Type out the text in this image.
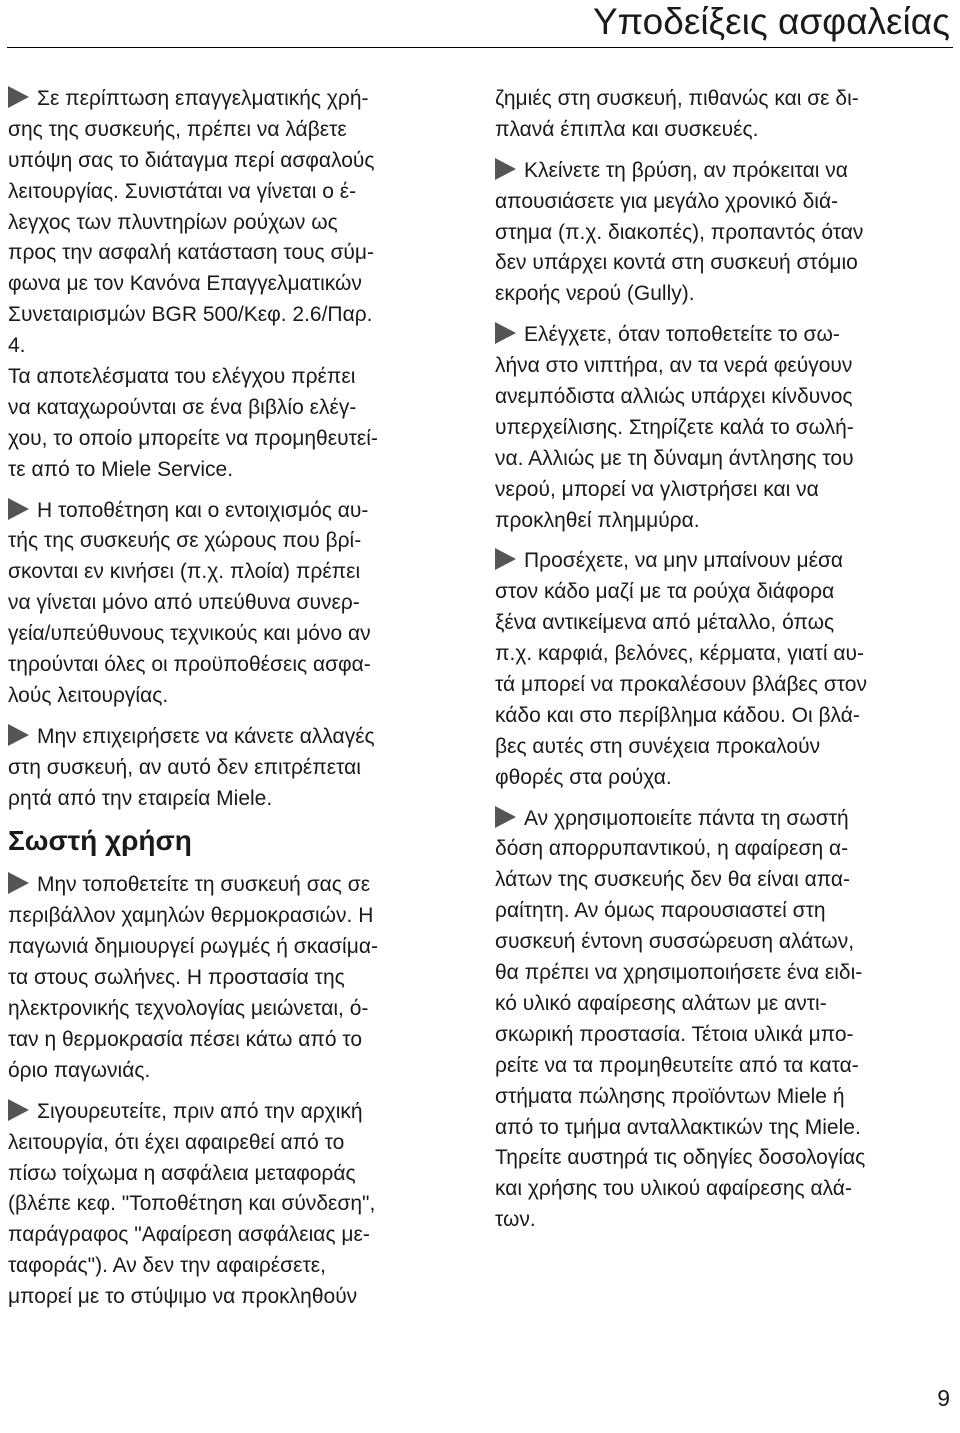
Υποδείξεις ασφαλείας
Σε περίπτωση επαγγελματικής χρή-
σης της συσκευής, πρέπει να λάβετε
υπόψη σας το διάταγμα περί ασφαλούς
λειτουργίας. Συνιστάται να γίνεται ο έ-
λεγχος των πλυντηρίων ρούχων ως
προς την ασφαλή κατάσταση τους σύμ-
φωνα με τον Κανόνα Επαγγελματικών
Συνεταιρισμών BGR 500/Κεφ. 2.6/Παρ.
4.
Τα αποτελέσματα του ελέγχου πρέπει
να καταχωρούνται σε ένα βιβλίο ελέγ-
χου, το οποίο μπορείτε να προμηθευτεί-
τε από το Miele Service.
Η τοποθέτηση και ο εντοιχισμός αυ-
τής της συσκευής σε χώρους που βρί-
σκονται εν κινήσει (π.χ. πλοία) πρέπει
να γίνεται μόνο από υπεύθυνα συνερ-
γεία/υπεύθυνους τεχνικούς και μόνο αν
τηρούνται όλες οι προϋποθέσεις ασφα-
λούς λειτουργίας.
Μην επιχειρήσετε να κάνετε αλλαγές
στη συσκευή, αν αυτό δεν επιτρέπεται
ρητά από την εταιρεία Miele.
Σωστή χρήση
Μην τοποθετείτε τη συσκευή σας σε
περιβάλλον χαμηλών θερμοκρασιών. Η
παγωνιά δημιουργεί ρωγμές ή σκασίμα-
τα στους σωλήνες. Η προστασία της
ηλεκτρονικής τεχνολογίας μειώνεται, ό-
ταν η θερμοκρασία πέσει κάτω από το
όριο παγωνιάς.
Σιγουρευτείτε, πριν από την αρχική
λειτουργία, ότι έχει αφαιρεθεί από το
πίσω τοίχωμα η ασφάλεια μεταφοράς
(βλέπε κεφ. "Τοποθέτηση και σύνδεση",
παράγραφος "Αφαίρεση ασφάλειας με-
ταφοράς"). Αν δεν την αφαιρέσετε,
μπορεί με το στύψιμο να προκληθούν
ζημιές στη συσκευή, πιθανώς και σε δι-
πλανά έπιπλα και συσκευές.
Κλείνετε τη βρύση, αν πρόκειται να
απουσιάσετε για μεγάλο χρονικό διά-
στημα (π.χ. διακοπές), προπαντός όταν
δεν υπάρχει κοντά στη συσκευή στόμιο
εκροής νερού (Gully).
Ελέγχετε, όταν τοποθετείτε το σω-
λήνα στο νιπτήρα, αν τα νερά φεύγουν
ανεμπόδιστα αλλιώς υπάρχει κίνδυνος
υπερχείλισης. Στηρίζετε καλά το σωλή-
να. Αλλιώς με τη δύναμη άντλησης του
νερού, μπορεί να γλιστρήσει και να
προκληθεί πλημμύρα.
Προσέχετε, να μην μπαίνουν μέσα
στον κάδο μαζί με τα ρούχα διάφορα
ξένα αντικείμενα από μέταλλο, όπως
π.χ. καρφιά, βελόνες, κέρματα, γιατί αυ-
τά μπορεί να προκαλέσουν βλάβες στον
κάδο και στο περίβλημα κάδου. Οι βλά-
βες αυτές στη συνέχεια προκαλούν
φθορές στα ρούχα.
Αν χρησιμοποιείτε πάντα τη σωστή
δόση απορρυπαντικού, η αφαίρεση α-
λάτων της συσκευής δεν θα είναι απα-
ραίτητη. Αν όμως παρουσιαστεί στη
συσκευή έντονη συσσώρευση αλάτων,
θα πρέπει να χρησιμοποιήσετε ένα ειδι-
κό υλικό αφαίρεσης αλάτων με αντι-
σκωρική προστασία. Τέτοια υλικά μπο-
ρείτε να τα προμηθευτείτε από τα κατα-
στήματα πώλησης προϊόντων Miele ή
από το τμήμα ανταλλακτικών της Miele.
Τηρείτε αυστηρά τις οδηγίες δοσολογίας
και χρήσης του υλικού αφαίρεσης αλά-
των.
9
